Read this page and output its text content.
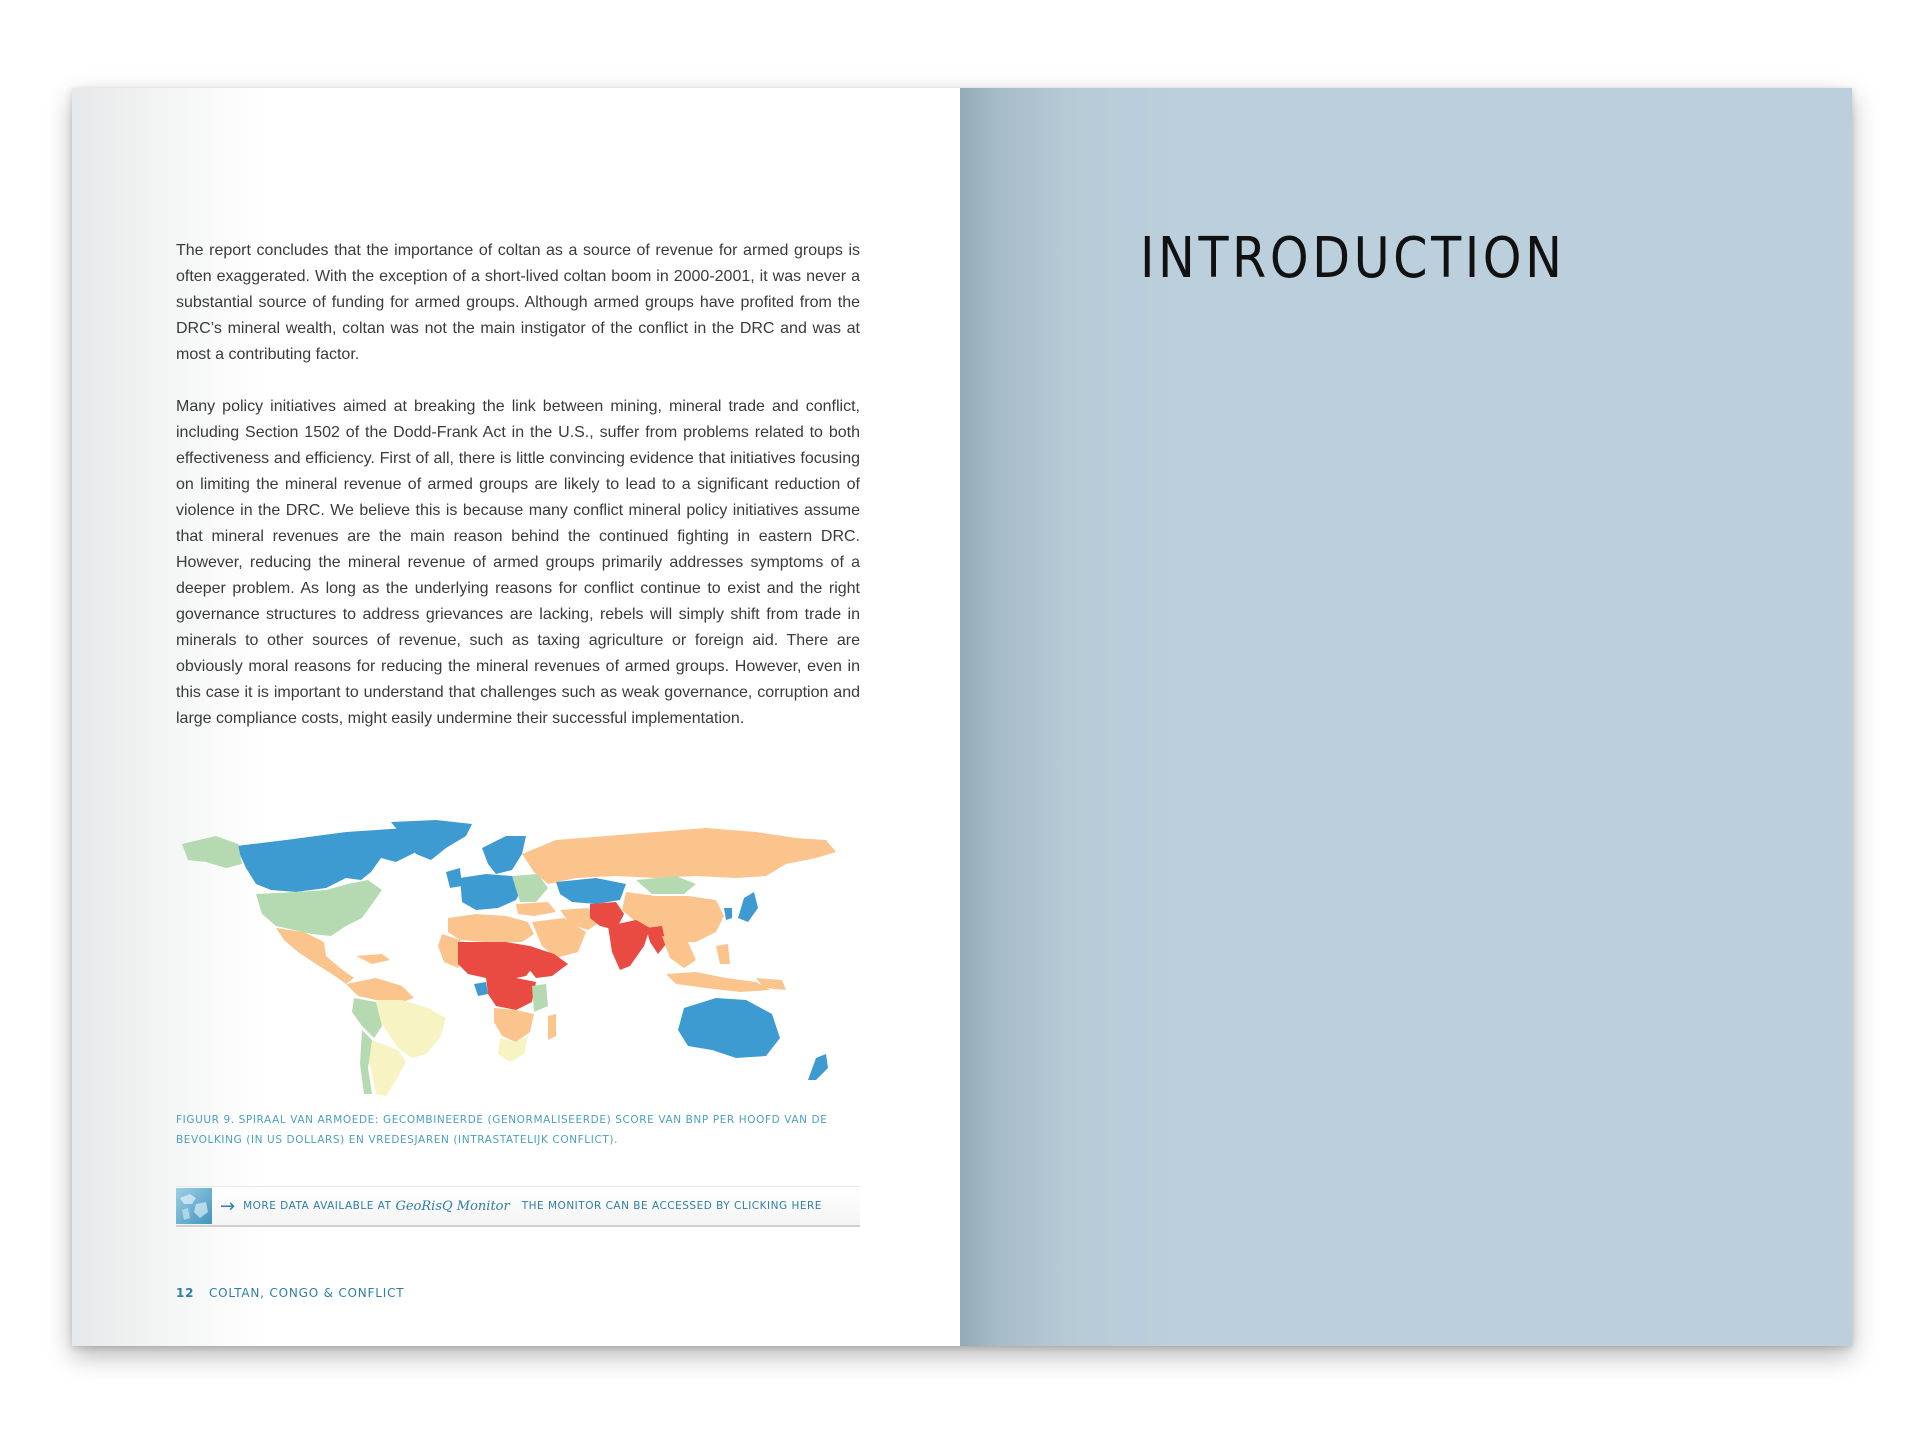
The report concludes that the importance of coltan as a source of revenue for armed groups is often exaggerated. With the exception of a short-lived coltan boom in 2000-2001, it was never a substantial source of funding for armed groups. Although armed groups have profited from the DRC’s mineral wealth, coltan was not the main instigator of the conflict in the DRC and was at most a contributing factor.

Many policy initiatives aimed at breaking the link between mining, mineral trade and conflict, including Section 1502 of the Dodd-Frank Act in the U.S., suffer from problems related to both effectiveness and efficiency. First of all, there is little convincing evidence that initiatives focusing on limiting the mineral revenue of armed groups are likely to lead to a significant reduction of violence in the DRC. We believe this is because many conflict mineral policy initiatives assume that mineral revenues are the main reason behind the continued fighting in eastern DRC. However, reducing the mineral revenue of armed groups primarily addresses symptoms of a deeper problem. As long as the underlying reasons for conflict continue to exist and the right governance structures to address grievances are lacking, rebels will simply shift from trade in minerals to other sources of revenue, such as taxing agriculture or foreign aid. There are obviously moral reasons for reducing the mineral revenues of armed groups. However, even in this case it is important to understand that challenges such as weak governance, corruption and large compliance costs, might easily undermine their successful implementation.

FIGUUR 9. SPIRAAL VAN ARMOEDE: GECOMBINEERDE (GENORMALISEERDE) SCORE VAN BNP PER HOOFD VAN DE BEVOLKING (IN US DOLLARS) EN VREDESJAREN (INTRASTATELIJK CONFLICT).

→ MORE DATA AVAILABLE AT GeoRisQ Monitor THE MONITOR CAN BE ACCESSED BY CLICKING HERE
12 COLTAN, CONGO & CONFLICT
INTRODUCTION
